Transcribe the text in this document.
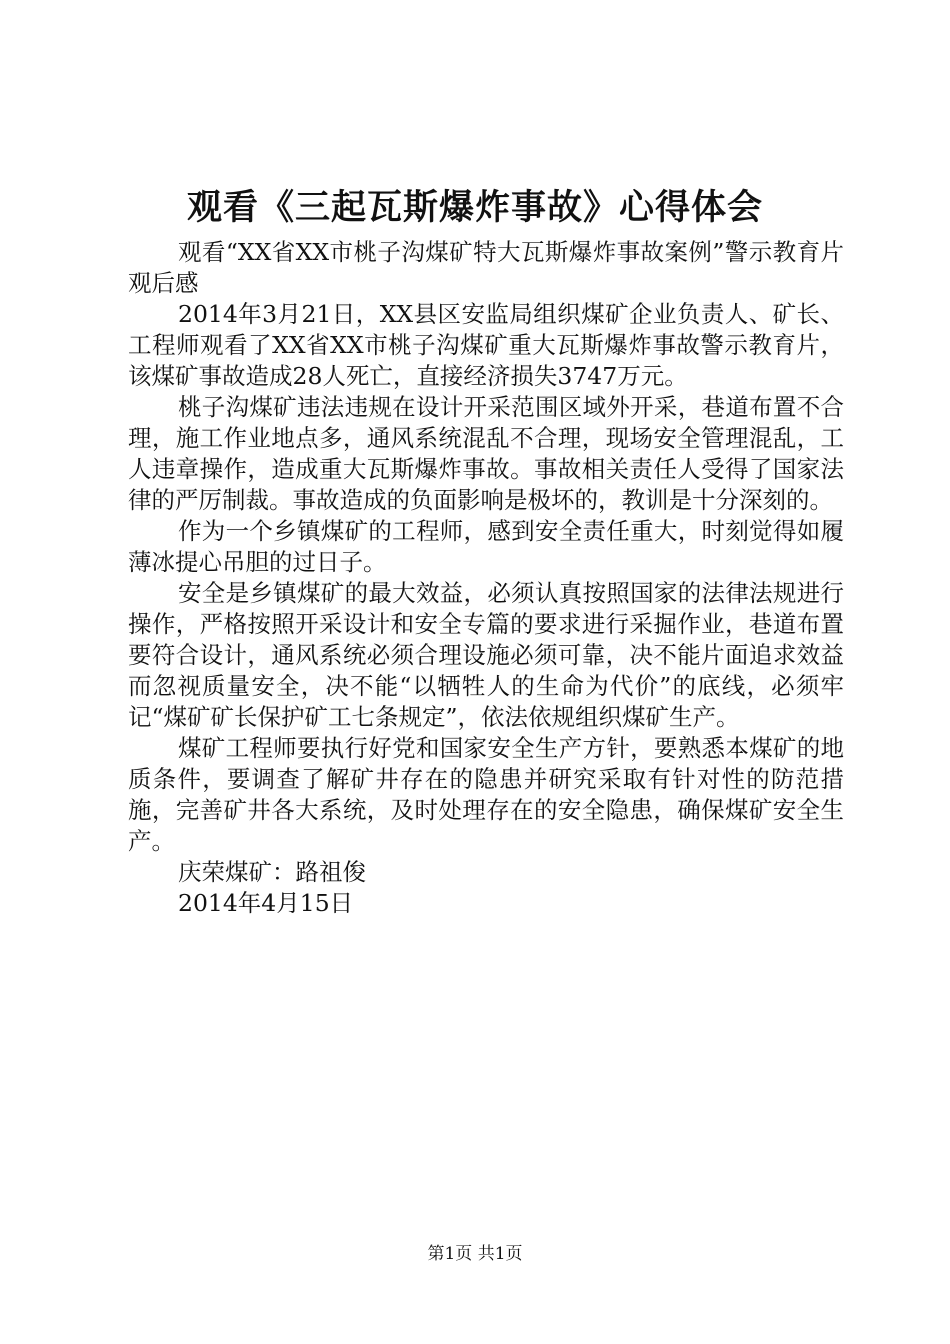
观看《三起瓦斯爆炸事故》心得体会

观看“XX省XX市桃子沟煤矿特大瓦斯爆炸事故案例”警示教育片观后感

2014年3月21日，XX县区安监局组织煤矿企业负责人、矿长、工程师观看了XX省XX市桃子沟煤矿重大瓦斯爆炸事故警示教育片，该煤矿事故造成28人死亡，直接经济损失3747万元。

桃子沟煤矿违法违规在设计开采范围区域外开采，巷道布置不合理，施工作业地点多，通风系统混乱不合理，现场安全管理混乱，工人违章操作，造成重大瓦斯爆炸事故。事故相关责任人受得了国家法律的严厉制裁。事故造成的负面影响是极坏的，教训是十分深刻的。

作为一个乡镇煤矿的工程师，感到安全责任重大，时刻觉得如履薄冰提心吊胆的过日子。

安全是乡镇煤矿的最大效益，必须认真按照国家的法律法规进行操作，严格按照开采设计和安全专篇的要求进行采掘作业，巷道布置要符合设计，通风系统必须合理设施必须可靠，决不能片面追求效益而忽视质量安全，决不能“以牺牲人的生命为代价”的底线，必须牢记“煤矿矿长保护矿工七条规定”，依法依规组织煤矿生产。

煤矿工程师要执行好党和国家安全生产方针，要熟悉本煤矿的地质条件，要调查了解矿井存在的隐患并研究采取有针对性的防范措施，完善矿井各大系统，及时处理存在的安全隐患，确保煤矿安全生产。

庆荣煤矿：路祖俊

2014年4月15日

第1页 共1页
